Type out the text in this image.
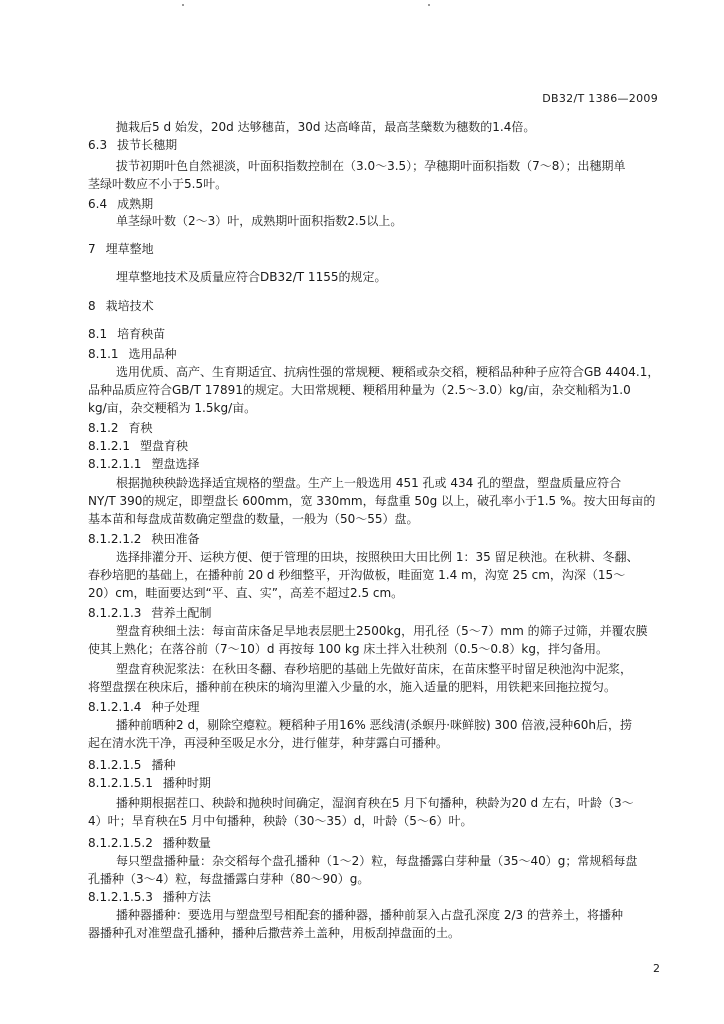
DB32/T 1386—2009
抛栽后5 d 始发，20d 达够穗苗，30d 达高峰苗，最高茎蘖数为穗数的1.4倍。
6.3 拔节长穗期
拔节初期叶色自然褪淡，叶面积指数控制在（3.0～3.5）；孕穗期叶面积指数（7～8）；出穗期单
茎绿叶数应不小于5.5叶。
6.4 成熟期
单茎绿叶数（2～3）叶，成熟期叶面积指数2.5以上。
7 埋草整地
埋草整地技术及质量应符合DB32/T 1155的规定。
8 栽培技术
8.1 培育秧苗
8.1.1 选用品种
选用优质、高产、生育期适宜、抗病性强的常规粳、粳稻或杂交稻，粳稻品种种子应符合GB 4404.1，
品种品质应符合GB/T 17891的规定。大田常规粳、粳稻用种量为（2.5～3.0）kg/亩，杂交籼稻为1.0
kg/亩，杂交粳稻为 1.5kg/亩。
8.1.2 育秧
8.1.2.1 塑盘育秧
8.1.2.1.1 塑盘选择
根据抛秧秧龄选择适宜规格的塑盘。生产上一般选用 451 孔或 434 孔的塑盘，塑盘质量应符合
NY/T 390的规定，即塑盘长 600mm，宽 330mm，每盘重 50g 以上，破孔率小于1.5 %。按大田每亩的
基本苗和每盘成苗数确定塑盘的数量，一般为（50～55）盘。
8.1.2.1.2 秧田准备
选择排灌分开、运秧方便、便于管理的田块，按照秧田大田比例 1：35 留足秧池。在秋耕、冬翻、
春秒培肥的基础上，在播种前 20 d 秒细整平，开沟做板，畦面宽 1.4 m，沟宽 25 cm，沟深（15～
20）cm，畦面要达到“平、直、实”，高差不超过2.5 cm。
8.1.2.1.3 营养土配制
塑盘育秧细土法：每亩苗床备足旱地表层肥土2500kg，用孔径（5～7）mm 的筛子过筛，并覆农膜
使其上熟化；在落谷前（7～10）d 再按每 100 kg 床土拌入壮秧剂（0.5～0.8）kg，拌匀备用。
塑盘育秧泥浆法：在秋田冬翻、春秒培肥的基础上先做好苗床，在苗床整平时留足秧池沟中泥浆，
将塑盘摆在秧床后，播种前在秧床的墒沟里灌入少量的水，施入适量的肥料，用铁耙来回拖拉搅匀。
8.1.2.1.4 种子处理
播种前晒种2 d，剔除空瘪粒。粳稻种子用16% 恶线清(杀螟丹·咪鲜胺) 300 倍液,浸种60h后，捞
起在清水洗干净，再浸种至吸足水分，进行催芽，种芽露白可播种。
8.1.2.1.5 播种
8.1.2.1.5.1 播种时期
播种期根据茬口、秧龄和抛秧时间确定，湿润育秧在5 月下旬播种，秧龄为20 d 左右，叶龄（3～
4）叶；旱育秧在5 月中旬播种，秧龄（30～35）d，叶龄（5～6）叶。
8.1.2.1.5.2 播种数量
每只塑盘播种量：杂交稻每个盘孔播种（1～2）粒，每盘播露白芽种量（35～40）g；常规稻每盘
孔播种（3～4）粒，每盘播露白芽种（80～90）g。
8.1.2.1.5.3 播种方法
播种器播种：要选用与塑盘型号相配套的播种器，播种前泵入占盘孔深度 2/3 的营养土，将播种
器播种孔对准塑盘孔播种，播种后撒营养土盖种，用板刮掉盘面的土。
2
